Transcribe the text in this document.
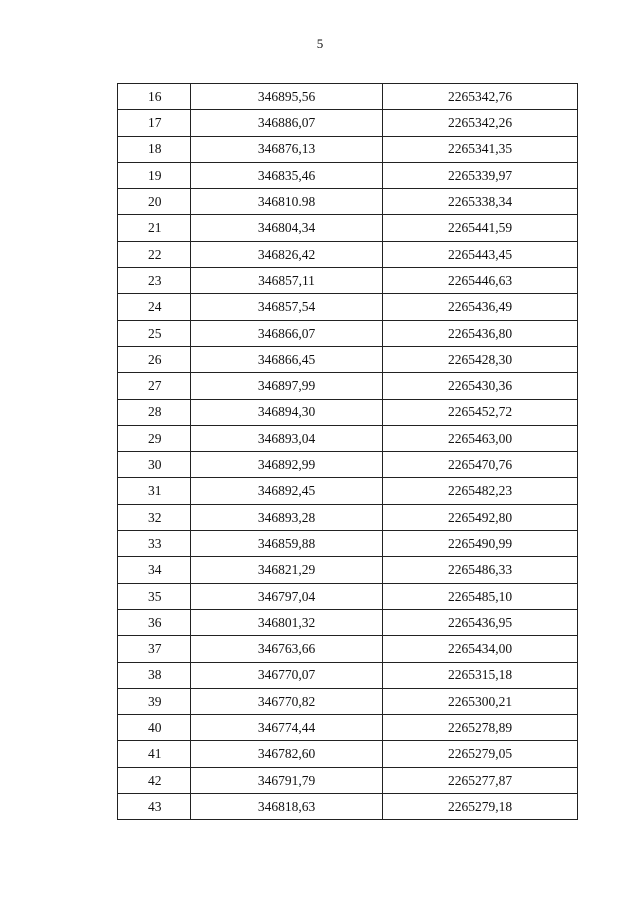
5
16	346895,56	2265342,76
17	346886,07	2265342,26
18	346876,13	2265341,35
19	346835,46	2265339,97
20	346810.98	2265338,34
21	346804,34	2265441,59
22	346826,42	2265443,45
23	346857,11	2265446,63
24	346857,54	2265436,49
25	346866,07	2265436,80
26	346866,45	2265428,30
27	346897,99	2265430,36
28	346894,30	2265452,72
29	346893,04	2265463,00
30	346892,99	2265470,76
31	346892,45	2265482,23
32	346893,28	2265492,80
33	346859,88	2265490,99
34	346821,29	2265486,33
35	346797,04	2265485,10
36	346801,32	2265436,95
37	346763,66	2265434,00
38	346770,07	2265315,18
39	346770,82	2265300,21
40	346774,44	2265278,89
41	346782,60	2265279,05
42	346791,79	2265277,87
43	346818,63	2265279,18
